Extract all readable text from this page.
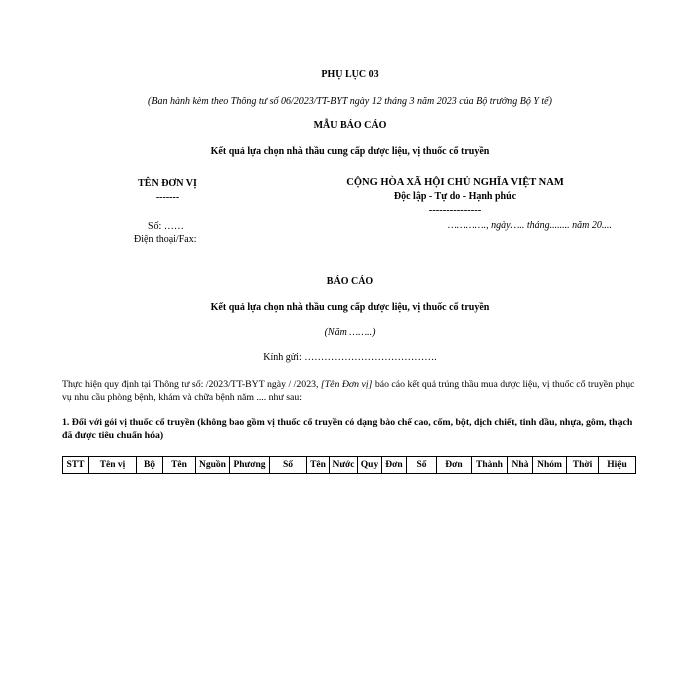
PHỤ LỤC 03
(Ban hành kèm theo Thông tư số 06/2023/TT-BYT ngày 12 tháng 3 năm 2023 của Bộ trưởng Bộ Y tế)
MẪU BÁO CÁO
Kết quả lựa chọn nhà thầu cung cấp dược liệu, vị thuốc cổ truyền
TÊN ĐƠN VỊ
-------
CỘNG HÒA XÃ HỘI CHỦ NGHĨA VIỆT NAM
Độc lập - Tự do - Hạnh phúc
---------------
Số: ……	…………., ngày….. tháng........ năm 20....
Điện thoại/Fax:
BÁO CÁO
Kết quả lựa chọn nhà thầu cung cấp dược liệu, vị thuốc cổ truyền
(Năm ……..)
Kính gửi: ………………………………….
Thực hiện quy định tại Thông tư số: /2023/TT-BYT ngày / /2023, [Tên Đơn vị] báo cáo kết quả trúng thầu mua dược liệu, vị thuốc cổ truyền phục vụ nhu cầu phòng bệnh, khám và chữa bệnh năm .... như sau:
1. Đối với gói vị thuốc cổ truyền (không bao gồm vị thuốc cổ truyền có dạng bào chế cao, cốm, bột, dịch chiết, tinh dầu, nhựa, gôm, thạch đã được tiêu chuẩn hóa)
STT	Tên vị	Bộ	Tên	Nguồn	Phương	Số	Tên	Nước	Quy	Đơn	Số	Đơn	Thành	Nhà	Nhóm	Thời	Hiệu
